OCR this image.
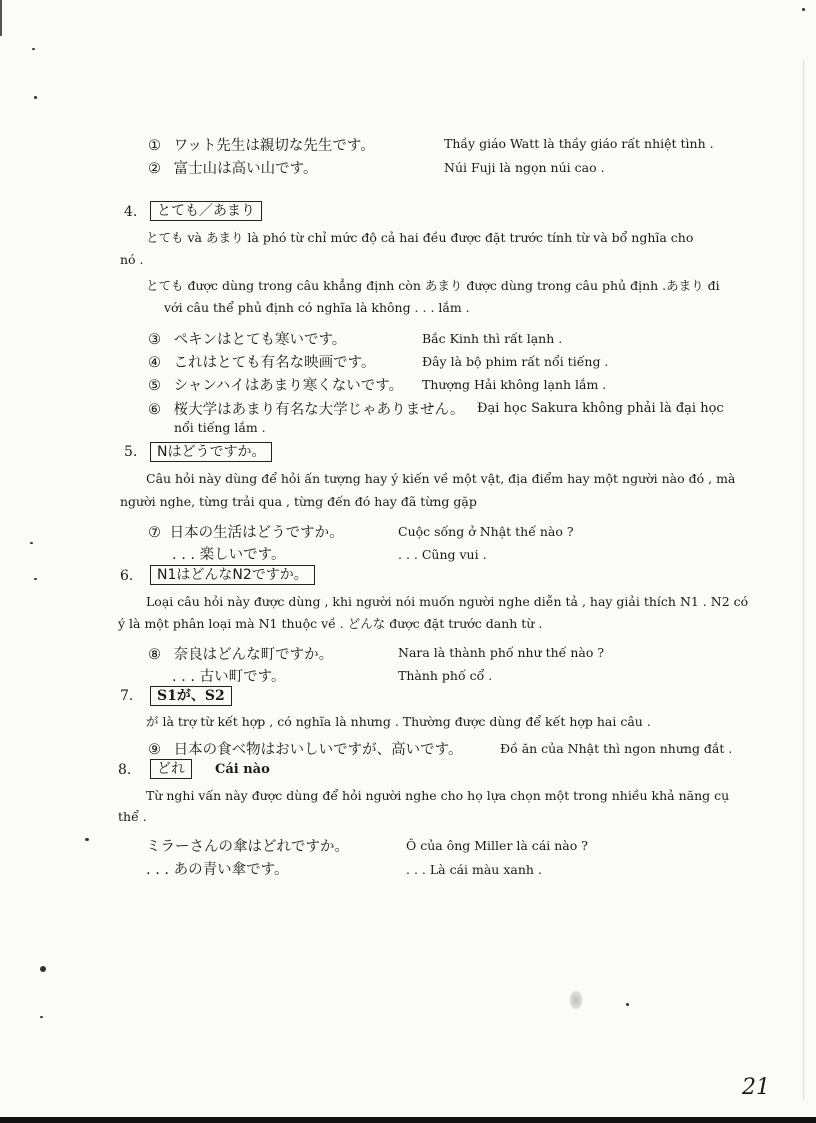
① ワット先生は親切な先生です。	Thầy giáo Watt là thầy giáo rất nhiệt tình .
② 富士山は高い山です。	Núi Fuji là ngọn núi cao .
4.	とても／あまり
とても và あまり là phó từ chỉ mức độ cả hai đều được đặt trước tính từ và bổ nghĩa cho
nó .
とても được dùng trong câu khẳng định còn あまり được dùng trong câu phủ định .あまり đi
với câu thể phủ định có nghĩa là không . . . lắm .
③ ペキンはとても寒いです。	Bắc Kinh thì rất lạnh .
④ これはとても有名な映画です。	Đây là bộ phim rất nổi tiếng .
⑤ シャンハイはあまり寒くないです。 Thượng Hải không lạnh lắm .
⑥ 桜大学はあまり有名な大学じゃありません。 Đại học Sakura không phải là đại học
nổi tiếng lắm .
5.	Nはどうですか。
Câu hỏi này dùng để hỏi ấn tượng hay ý kiến về một vật, địa điểm hay một người nào đó , mà
người nghe, từng trải qua , từng đến đó hay đã từng gặp
⑦ 日本の生活はどうですか。	Cuộc sống ở Nhật thế nào ?
. . . 楽しいです。	. . . Cũng vui .
6.	N1はどんなN2ですか。
Loại câu hỏi này được dùng , khi người nói muốn người nghe diễn tả , hay giải thích N1 . N2 có
ý là một phân loại mà N1 thuộc về . どんな được đặt trước danh từ .
⑧ 奈良はどんな町ですか。	Nara là thành phố như thế nào ?
. . . 古い町です。	Thành phố cổ .
7.	S1が、S2
が là trợ từ kết hợp , có nghĩa là nhưng . Thường được dùng để kết hợp hai câu .
⑨ 日本の食べ物はおいしいですが、高いです。	Đồ ăn của Nhật thì ngon nhưng đắt .
8.	どれ	Cái nào
Từ nghi vấn này được dùng để hỏi người nghe cho họ lựa chọn một trong nhiều khả năng cụ
thể .
ミラーさんの傘はどれですか。	Ô của ông Miller là cái nào ?
. . . あの青い傘です。	. . . Là cái màu xanh .
21
